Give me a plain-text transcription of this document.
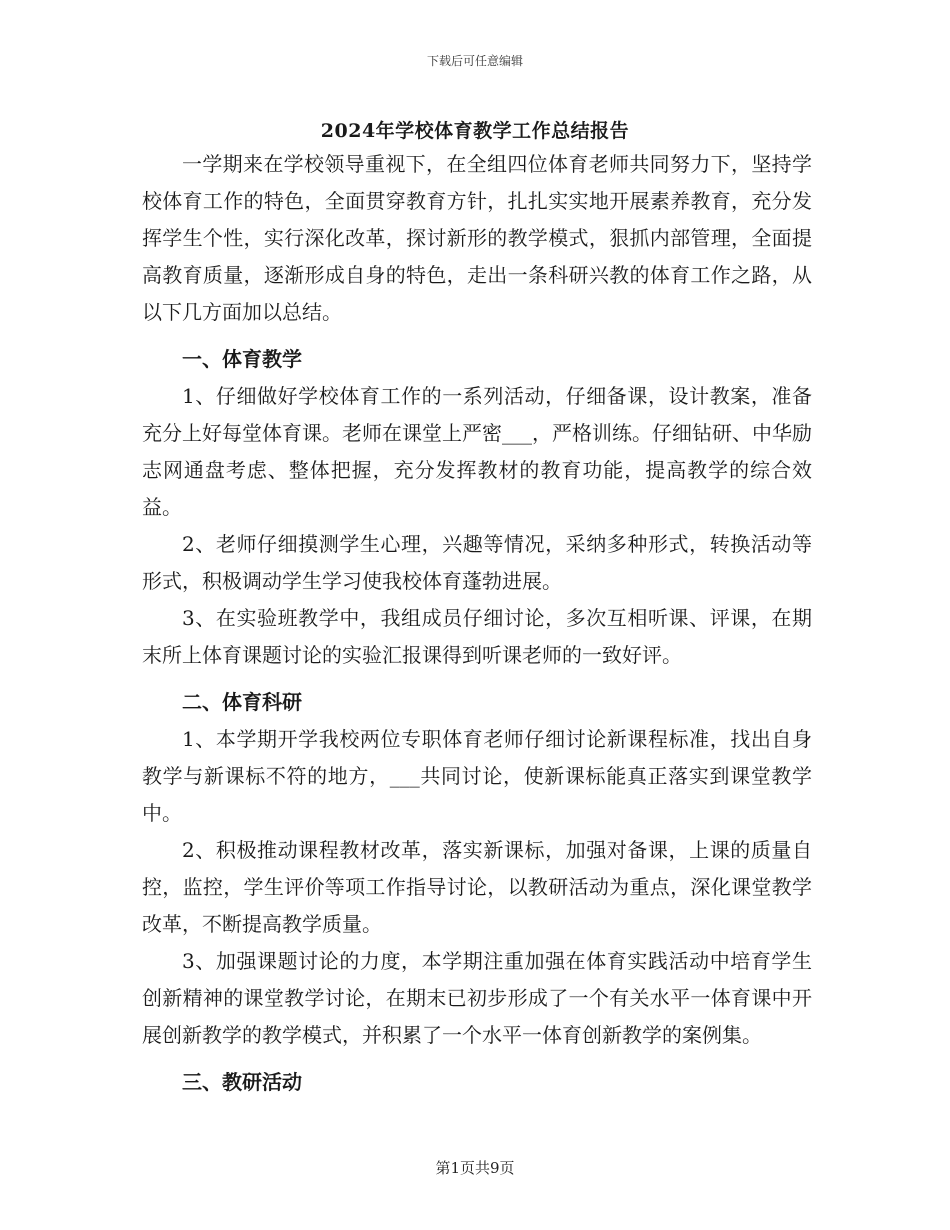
下载后可任意编辑
2024年学校体育教学工作总结报告

一学期来在学校领导重视下，在全组四位体育老师共同努力下，坚持学校体育工作的特色，全面贯穿教育方针，扎扎实实地开展素养教育，充分发挥学生个性，实行深化改革，探讨新形的教学模式，狠抓内部管理，全面提高教育质量，逐渐形成自身的特色，走出一条科研兴教的体育工作之路，从以下几方面加以总结。

一、体育教学

1、仔细做好学校体育工作的一系列活动，仔细备课，设计教案，准备充分上好每堂体育课。老师在课堂上严密___，严格训练。仔细钻研、中华励志网通盘考虑、整体把握，充分发挥教材的教育功能，提高教学的综合效益。

2、老师仔细摸测学生心理，兴趣等情况，采纳多种形式，转换活动等形式，积极调动学生学习使我校体育蓬勃进展。

3、在实验班教学中，我组成员仔细讨论，多次互相听课、评课，在期末所上体育课题讨论的实验汇报课得到听课老师的一致好评。

二、体育科研

1、本学期开学我校两位专职体育老师仔细讨论新课程标准，找出自身教学与新课标不符的地方，___共同讨论，使新课标能真正落实到课堂教学中。

2、积极推动课程教材改革，落实新课标，加强对备课，上课的质量自控，监控，学生评价等项工作指导讨论，以教研活动为重点，深化课堂教学改革，不断提高教学质量。

3、加强课题讨论的力度，本学期注重加强在体育实践活动中培育学生创新精神的课堂教学讨论，在期末已初步形成了一个有关水平一体育课中开展创新教学的教学模式，并积累了一个水平一体育创新教学的案例集。

三、教研活动
第1页共9页
